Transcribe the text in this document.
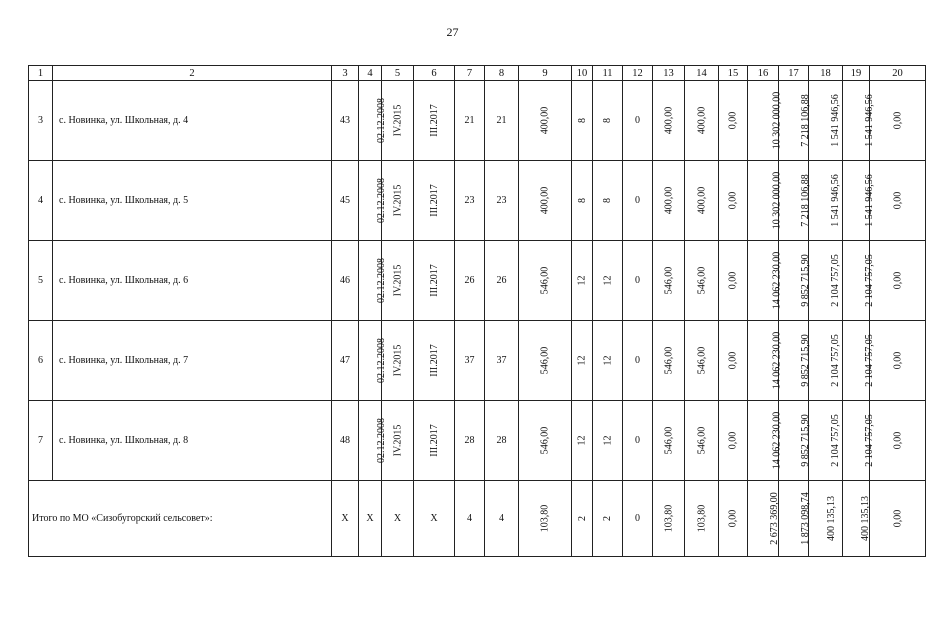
27
1	2	3	4	5	6	7	8	9	10	11	12	13	14	15	16	17	18	19	20
3	с. Новинка, ул. Школьная, д. 4	43	02.12.2008	IV.2015	III.2017	21	21	400,00	8	8	0	400,00	400,00	0,00	10 302 000,00	7 218 106,88	1 541 946,56	1 541 946,56	0,00
4	с. Новинка, ул. Школьная, д. 5	45	02.12.2008	IV.2015	III.2017	23	23	400,00	8	8	0	400,00	400,00	0,00	10 302 000,00	7 218 106,88	1 541 946,56	1 541 946,56	0,00
5	с. Новинка, ул. Школьная, д. 6	46	02.12.2008	IV.2015	III.2017	26	26	546,00	12	12	0	546,00	546,00	0,00	14 062 230,00	9 852 715,90	2 104 757,05	2 104 757,05	0,00
6	с. Новинка, ул. Школьная, д. 7	47	02.12.2008	IV.2015	III.2017	37	37	546,00	12	12	0	546,00	546,00	0,00	14 062 230,00	9 852 715,90	2 104 757,05	2 104 757,05	0,00
7	с. Новинка, ул. Школьная, д. 8	48	02.12.2008	IV.2015	III.2017	28	28	546,00	12	12	0	546,00	546,00	0,00	14 062 230,00	9 852 715,90	2 104 757,05	2 104 757,05	0,00
Итого по МО «Сизобугорский сельсовет»:		Х	Х	Х	Х	4	4	103,80	2	2	0	103,80	103,80	0,00	2 673 369,00	1 873 098,74	400 135,13	400 135,13	0,00
